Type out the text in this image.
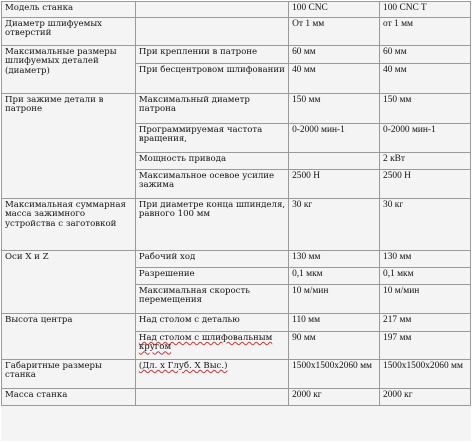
Модель станка		100 CNC	100 CNC T
Диаметр шлифуемых отверстий		От 1 мм	от 1 мм
Максимальные размеры шлифуемых деталей (диаметр)	При креплении в патроне	60 мм	60 мм
	При бесцентровом шлифовании	40 мм	40 мм
При зажиме детали в патроне	Максимальный диаметр патрона	150 мм	150 мм
	Программируемая частота вращения,	0-2000 мин-1	0-2000 мин-1
	Мощность привода		2 кВт
	Максимальное осевое усилие зажима	2500 Н	2500 Н
Максимальная суммарная масса зажимного устройства с заготовкой	При диаметре конца шпинделя, равного 100 мм	30 кг	30 кг
Оси X и Z	Рабочий ход	130 мм	130 мм
	Разрешение	0,1 мкм	0,1 мкм
	Максимальная скорость перемещения	10 м/мин	10 м/мин
Высота центра	Над столом с деталью	110 мм	217 мм
	Над столом с шлифовальным кругом	90 мм	197 мм
Габаритные размеры станка	(Дл. х Глуб. Х Выс.)	1500x1500x2060 мм	1500x1500x2060 мм
Масса станка		2000 кг	2000 кг
